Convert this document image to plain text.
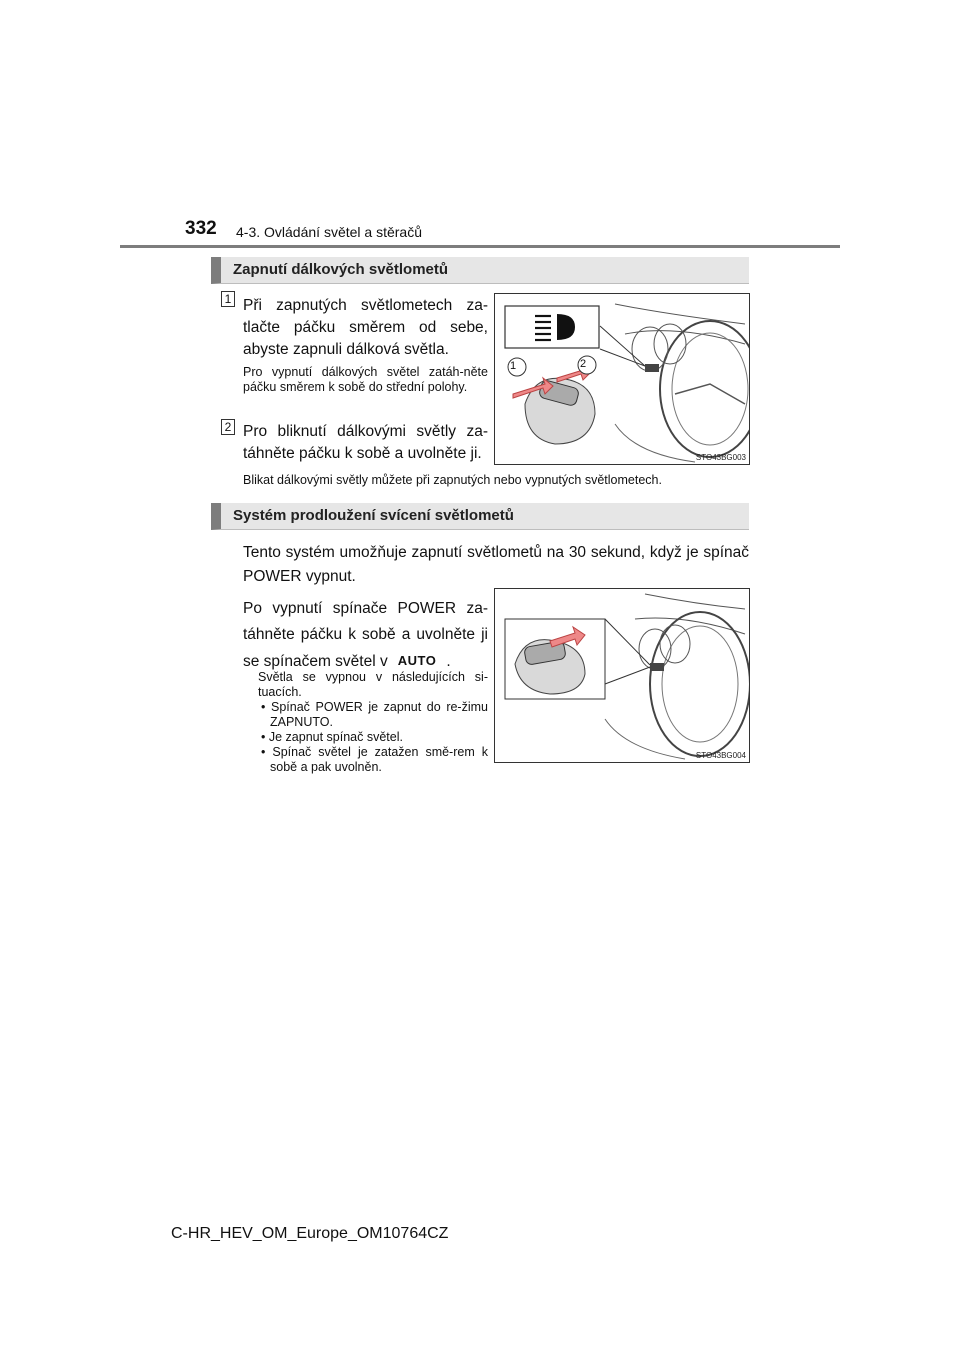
332 4-3. Ovládání světel a stěračů
Zapnutí dálkových světlometů
1 Při zapnutých světlometech za-tlačte páčku směrem od sebe, abyste zapnuli dálková světla.
Pro vypnutí dálkových světel zatáh-něte páčku směrem k sobě do střední polohy.
2 Pro bliknutí dálkovými světly za-táhněte páčku k sobě a uvolněte ji.
Blikat dálkovými světly můžete při zapnutých nebo vypnutých světlometech.
1	2
STO43BG003
Systém prodloužení svícení světlometů
Tento systém umožňuje zapnutí světlometů na 30 sekund, když je spínač POWER vypnut.
Po vypnutí spínače POWER za-táhněte páčku k sobě a uvolněte ji se spínačem světel v AUTO .
Světla se vypnou v následujících si-tuacích.
• Spínač POWER je zapnut do re-žimu ZAPNUTO.
• Je zapnut spínač světel.
• Spínač světel je zatažen smě-rem k sobě a pak uvolněn.
STO43BG004
C-HR_HEV_OM_Europe_OM10764CZ
